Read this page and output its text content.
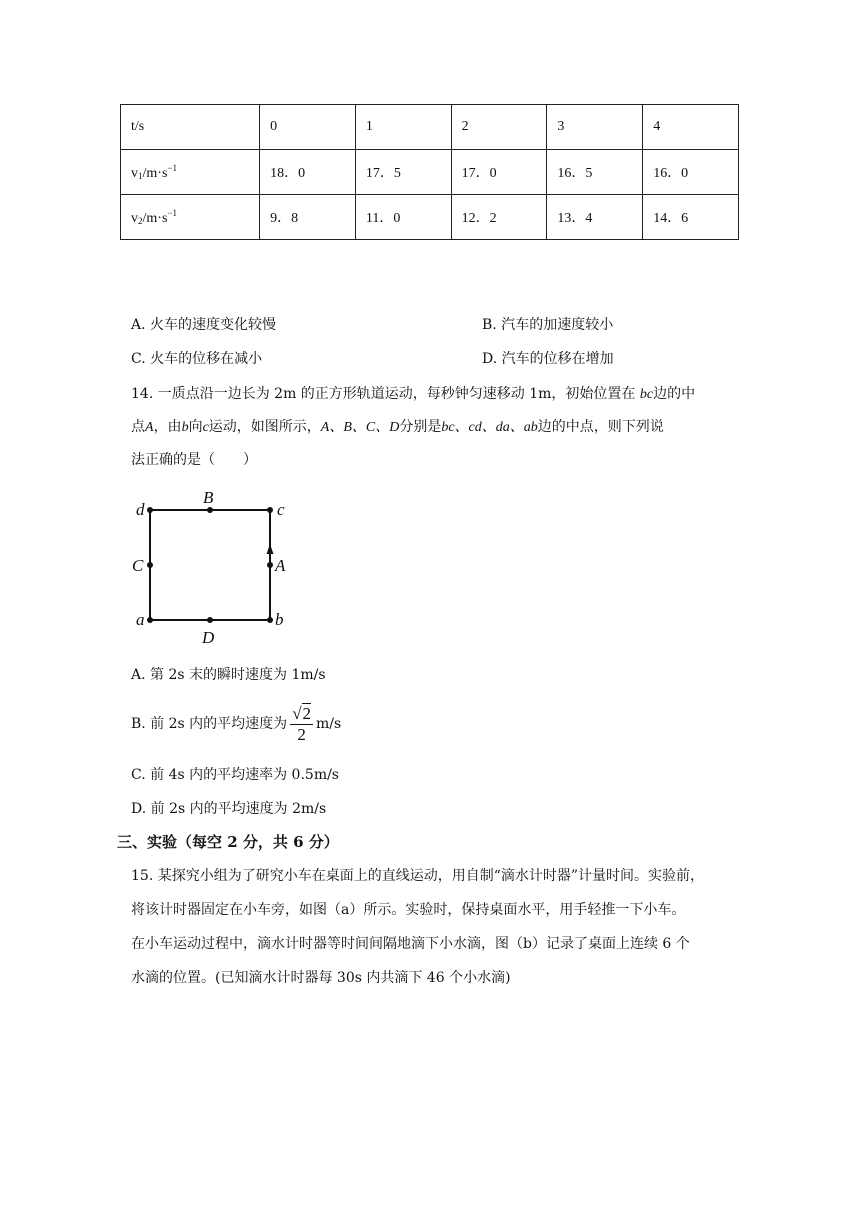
t/s	0	1	2	3	4
$v_1/m\cdot s^{-1}$	18．0	17．5	17．0	16．5	16．0
$v_2/m\cdot s^{-1}$	9．8	11．0	12．2	13．4	14．6
A. 火车的速度变化较慢	B. 汽车的加速度较小
C. 火车的位移在减小	D. 汽车的位移在增加
14. 一质点沿一边长为 2m 的正方形轨道运动，每秒钟匀速移动 1m，初始位置在 bc边的中
点A，由b向c运动，如图所示，A、B、C、D分别是bc、cd、da、ab边的中点，则下列说
法正确的是（　　）
d	c
a	b
B
C	A
D
A. 第 2s 末的瞬时速度为 1m/s
B. 前 2s 内的平均速度为 $\frac{√2}{2} m/s$
C. 前 4s 内的平均速率为 0.5m/s
D. 前 2s 内的平均速度为 2m/s
三、实验（每空 2 分，共 6 分）
15. 某探究小组为了研究小车在桌面上的直线运动，用自制“滴水计时器”计量时间。实验前，
将该计时器固定在小车旁，如图（a）所示。实验时，保持桌面水平，用手轻推一下小车。
在小车运动过程中，滴水计时器等时间间隔地滴下小水滴，图（b）记录了桌面上连续 6 个
水滴的位置。(已知滴水计时器每 30s 内共滴下 46 个小水滴)
